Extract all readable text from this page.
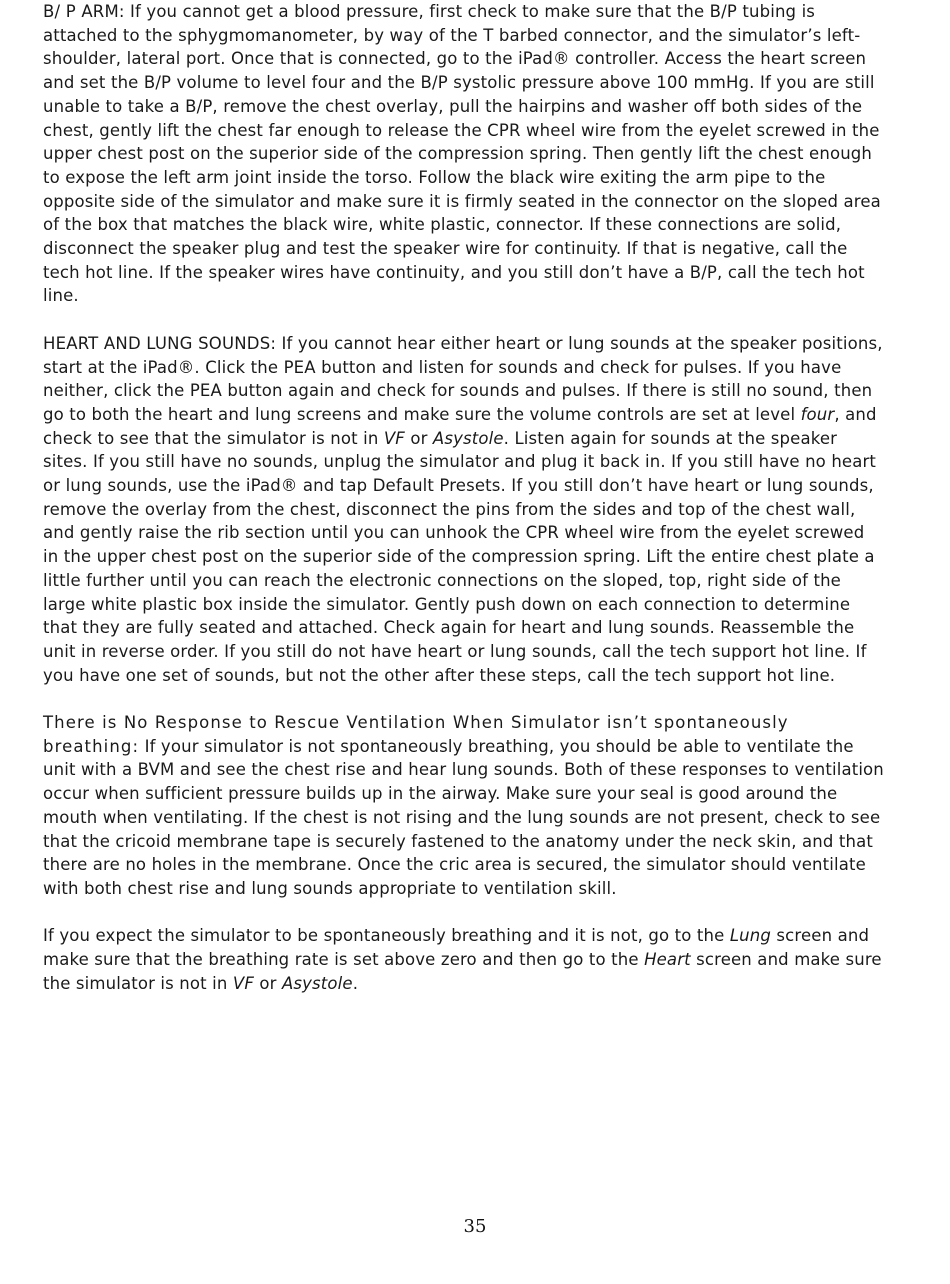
B/ P ARM: If you cannot get a blood pressure, first check to make sure that the B/P tubing is attached to the sphygmomanometer, by way of the T barbed connector, and the simulator’s left-shoulder, lateral port. Once that is connected, go to the iPad® controller. Access the heart screen and set the B/P volume to level four and the B/P systolic pressure above 100 mmHg. If you are still unable to take a B/P, remove the chest overlay, pull the hairpins and washer off both sides of the chest, gently lift the chest far enough to release the CPR wheel wire from the eyelet screwed in the upper chest post on the superior side of the compression spring. Then gently lift the chest enough to expose the left arm joint inside the torso. Follow the black wire exiting the arm pipe to the opposite side of the simulator and make sure it is firmly seated in the connector on the sloped area of the box that matches the black wire, white plastic, connector. If these connections are solid, disconnect the speaker plug and test the speaker wire for continuity. If that is negative, call the tech hot line. If the speaker wires have continuity, and you still don’t have a B/P, call the tech hot line.

HEART AND LUNG SOUNDS: If you cannot hear either heart or lung sounds at the speaker positions, start at the iPad®. Click the PEA button and listen for sounds and check for pulses. If you have neither, click the PEA button again and check for sounds and pulses. If there is still no sound, then go to both the heart and lung screens and make sure the volume controls are set at level four, and check to see that the simulator is not in VF or Asystole. Listen again for sounds at the speaker sites. If you still have no sounds, unplug the simulator and plug it back in. If you still have no heart or lung sounds, use the iPad® and tap Default Presets. If you still don’t have heart or lung sounds, remove the overlay from the chest, disconnect the pins from the sides and top of the chest wall, and gently raise the rib section until you can unhook the CPR wheel wire from the eyelet screwed in the upper chest post on the superior side of the compression spring. Lift the entire chest plate a little further until you can reach the electronic connections on the sloped, top, right side of the large white plastic box inside the simulator. Gently push down on each connection to determine that they are fully seated and attached. Check again for heart and lung sounds. Reassemble the unit in reverse order. If you still do not have heart or lung sounds, call the tech support hot line. If you have one set of sounds, but not the other after these steps, call the tech support hot line.

There is No Response to Rescue Ventilation When Simulator isn’t spontaneously breathing: If your simulator is not spontaneously breathing, you should be able to ventilate the unit with a BVM and see the chest rise and hear lung sounds. Both of these responses to ventilation occur when sufficient pressure builds up in the airway. Make sure your seal is good around the mouth when ventilating. If the chest is not rising and the lung sounds are not present, check to see that the cricoid membrane tape is securely fastened to the anatomy under the neck skin, and that there are no holes in the membrane. Once the cric area is secured, the simulator should ventilate with both chest rise and lung sounds appropriate to ventilation skill.

If you expect the simulator to be spontaneously breathing and it is not, go to the Lung screen and make sure that the breathing rate is set above zero and then go to the Heart screen and make sure the simulator is not in VF or Asystole.

35
